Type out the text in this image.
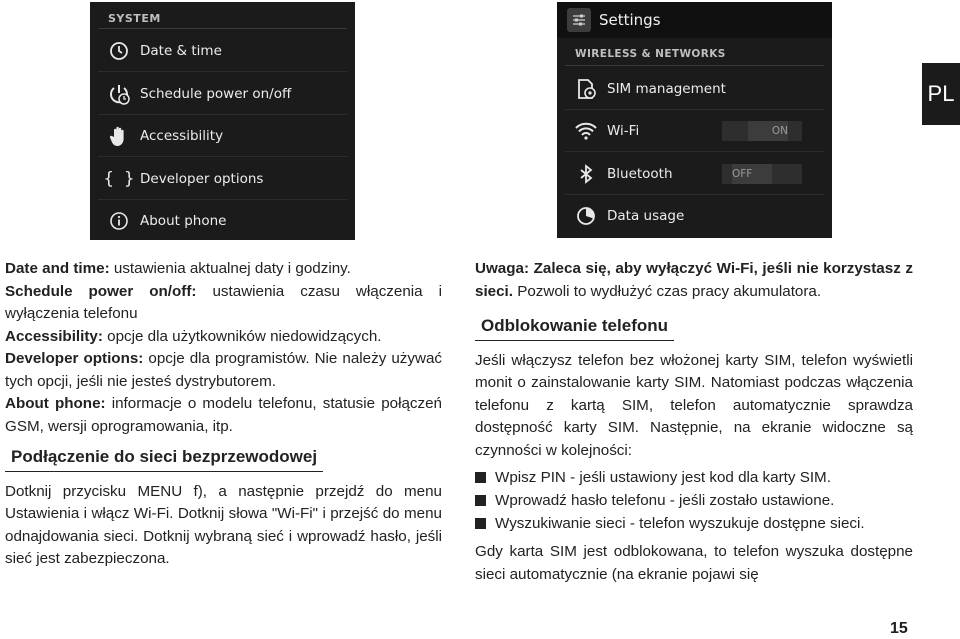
SYSTEM
Date & time
Schedule power on/off
Accessibility
{ } Developer options
About phone
Settings
WIRELESS & NETWORKS
SIM management
Wi-Fi	ON
Bluetooth	OFF
Data usage
PL

Date and time: ustawienia aktualnej daty i godziny.

Schedule power on/off: ustawienia czasu włączenia i wyłączenia telefonu

Accessibility: opcje dla użytkowników niedowidzących.

Developer options: opcje dla programistów. Nie należy używać tych opcji, jeśli nie jesteś dystrybutorem.

About phone: informacje o modelu telefonu, statusie połączeń GSM, wersji oprogramowania, itp.

Podłączenie do sieci bezprzewodowej

Dotknij przycisku MENU f), a następnie przejdź do menu Ustawienia i włącz Wi-Fi. Dotknij słowa "Wi-Fi" i przejść do menu odnajdowania sieci. Dotknij wybraną sieć i wprowadź hasło, jeśli sieć jest zabezpieczona.

Uwaga: Zaleca się, aby wyłączyć Wi-Fi, jeśli nie korzystasz z sieci. Pozwoli to wydłużyć czas pracy akumulatora.

Odblokowanie telefonu

Jeśli włączysz telefon bez włożonej karty SIM, telefon wyświetli monit o zainstalowanie karty SIM. Natomiast podczas włączenia telefonu z kartą SIM, telefon automatycznie sprawdza dostępność karty SIM. Następnie, na ekranie widoczne są czynności w kolejności:

Wpisz PIN - jeśli ustawiony jest kod dla karty SIM.
Wprowadź hasło telefonu - jeśli zostało ustawione.
Wyszukiwanie sieci - telefon wyszukuje dostępne sieci.

Gdy karta SIM jest odblokowana, to telefon wyszuka dostępne sieci automatycznie (na ekranie pojawi się

15
